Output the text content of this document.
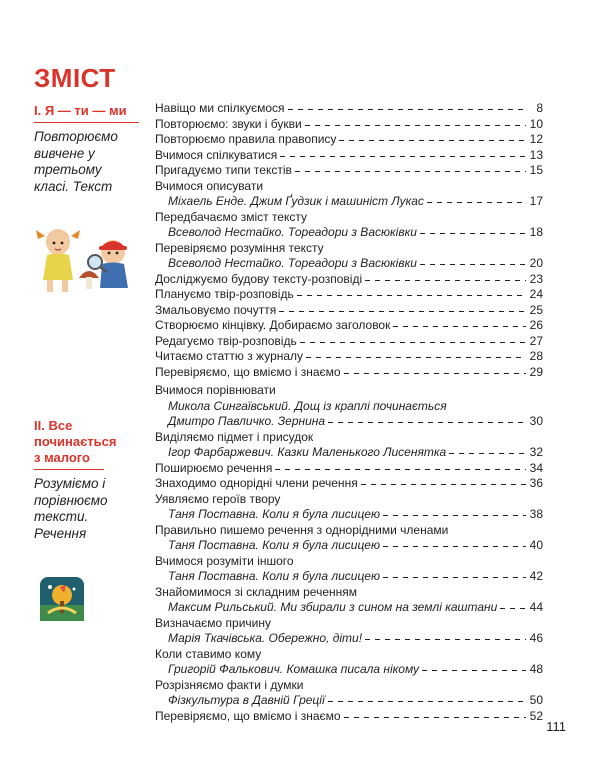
ЗМІСТ
I. Я — ти — ми
Повторюємо вивчене у третьому класі. Текст
II. Все починається з малого
Розуміємо і порівнюємо тексти. Речення
Навіщо ми спілкуємося	8
Повторюємо: звуки і букви	10
Повторюємо правила правопису	12
Вчимося спілкуватися	13
Пригадуємо типи текстів	15
Вчимося описувати
Міхаель Енде. Джим Ґудзик і машиніст Лукас	17
Передбачаємо зміст тексту
Всеволод Нестайко. Тореадори з Васюківки	18
Перевіряємо розуміння тексту
Всеволод Нестайко. Тореадори з Васюківки	20
Досліджуємо будову тексту-розповіді	23
Плануємо твір-розповідь	24
Змальовуємо почуття	25
Створюємо кінцівку. Добираємо заголовок	26
Редагуємо твір-розповідь	27
Читаємо статтю з журналу	28
Перевіряємо, що вміємо і знаємо	29
Вчимося порівнювати
Микола Сингаївський. Дощ із краплі починається
Дмитро Павличко. Зернина	30
Виділяємо підмет і присудок
Ігор Фарбаржевич. Казки Маленького Лисенятка	32
Поширюємо речення	34
Знаходимо однорідні члени речення	36
Уявляємо героїв твору
Таня Поставна. Коли я була лисицею	38
Правильно пишемо речення з однорідними членами
Таня Поставна. Коли я була лисицею	40
Вчимося розуміти іншого
Таня Поставна. Коли я була лисицею	42
Знайомимося зі складним реченням
Максим Рильський. Ми збирали з сином на землі каштани	44
Визначаємо причину
Марія Ткачівська. Обережно, діти!	46
Коли ставимо кому
Григорій Фалькович. Комашка писала нікому	48
Розрізняємо факти і думки
Фізкультура в Давній Греції	50
Перевіряємо, що вміємо і знаємо	52
111
